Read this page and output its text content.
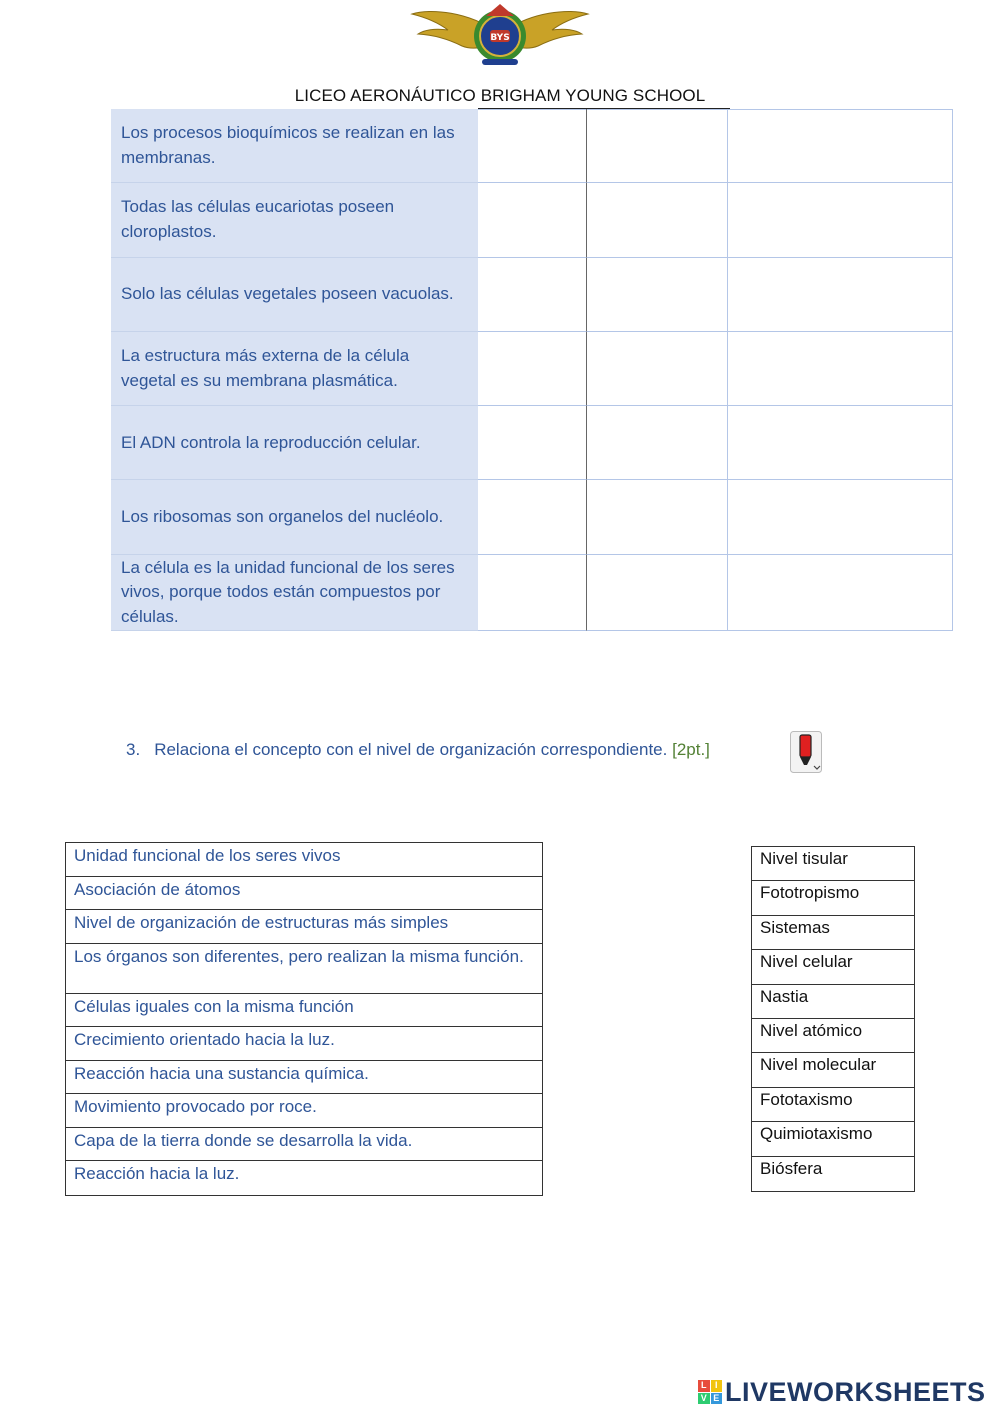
BYS
LICEO AERONÁUTICO BRIGHAM YOUNG SCHOOL
Los procesos bioquímicos se realizan en las membranas.
Todas las células eucariotas poseen cloroplastos.
Solo las células vegetales poseen vacuolas.
La estructura más externa de la célula vegetal es su membrana plasmática.
El ADN controla la reproducción celular.
Los ribosomas son organelos del nucléolo.
La célula es la unidad funcional de los seres vivos, porque todos están compuestos por células.
3. Relaciona el concepto con el nivel de organización correspondiente. [2pt.]
Unidad funcional de los seres vivos
Asociación de átomos
Nivel de organización de estructuras más simples
Los órganos son diferentes, pero realizan la misma función.
Células iguales con la misma función
Crecimiento orientado hacia la luz.
Reacción hacia una sustancia química.
Movimiento provocado por roce.
Capa de la tierra donde se desarrolla la vida.
Reacción hacia la luz.
Nivel tisular
Fototropismo
Sistemas
Nivel celular
Nastia
Nivel atómico
Nivel molecular
Fototaxismo
Quimiotaxismo
Biósfera
L I
V E LIVEWORKSHEETS
